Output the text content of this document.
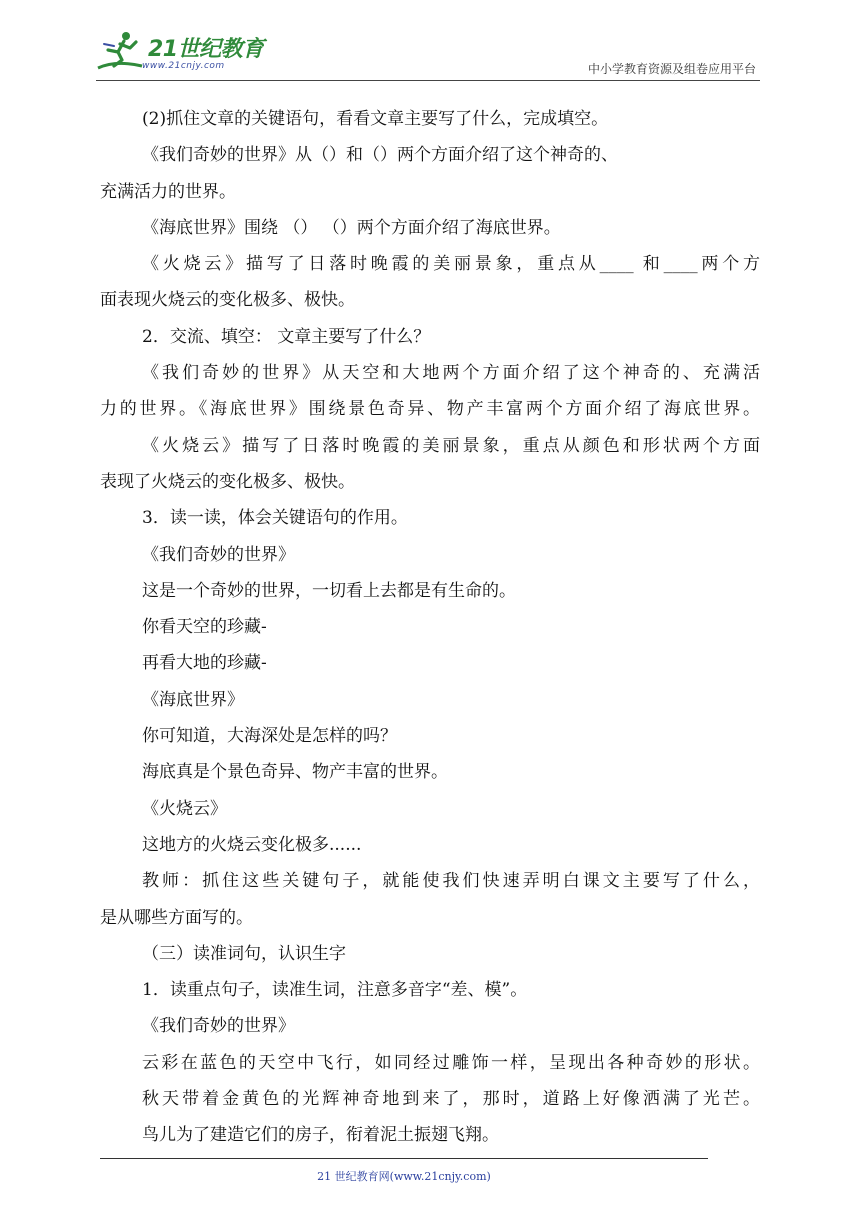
21世纪教育
www.21cnjy.com	中小学教育资源及组卷应用平台
(2)抓住文章的关键语句，看看文章主要写了什么，完成填空。
《我们奇妙的世界》从（）和（）两个方面介绍了这个神奇的、
充满活力的世界。
《海底世界》围绕 （） （）两个方面介绍了海底世界。
《火烧云》描写了日落时晚霞的美丽景象，重点从____ 和____两个方
面表现火烧云的变化极多、极快。
2．交流、填空： 文章主要写了什么？
《我们奇妙的世界》从天空和大地两个方面介绍了这个神奇的、充满活
力的世界。《海底世界》围绕景色奇异、物产丰富两个方面介绍了海底世界。
《火烧云》描写了日落时晚霞的美丽景象，重点从颜色和形状两个方面
表现了火烧云的变化极多、极快。
3．读一读，体会关键语句的作用。
《我们奇妙的世界》
这是一个奇妙的世界，一切看上去都是有生命的。
你看天空的珍藏-
再看大地的珍藏-
《海底世界》
你可知道，大海深处是怎样的吗？
海底真是个景色奇异、物产丰富的世界。
《火烧云》
这地方的火烧云变化极多......
教师：抓住这些关键句子，就能使我们快速弄明白课文主要写了什么，
是从哪些方面写的。
（三）读准词句，认识生字
1．读重点句子，读准生词，注意多音字“差、模”。
《我们奇妙的世界》
云彩在蓝色的天空中飞行，如同经过雕饰一样，呈现出各种奇妙的形状。
秋天带着金黄色的光辉神奇地到来了，那时，道路上好像洒满了光芒。
鸟儿为了建造它们的房子，衔着泥土振翅飞翔。
21 世纪教育网(www.21cnjy.com)
